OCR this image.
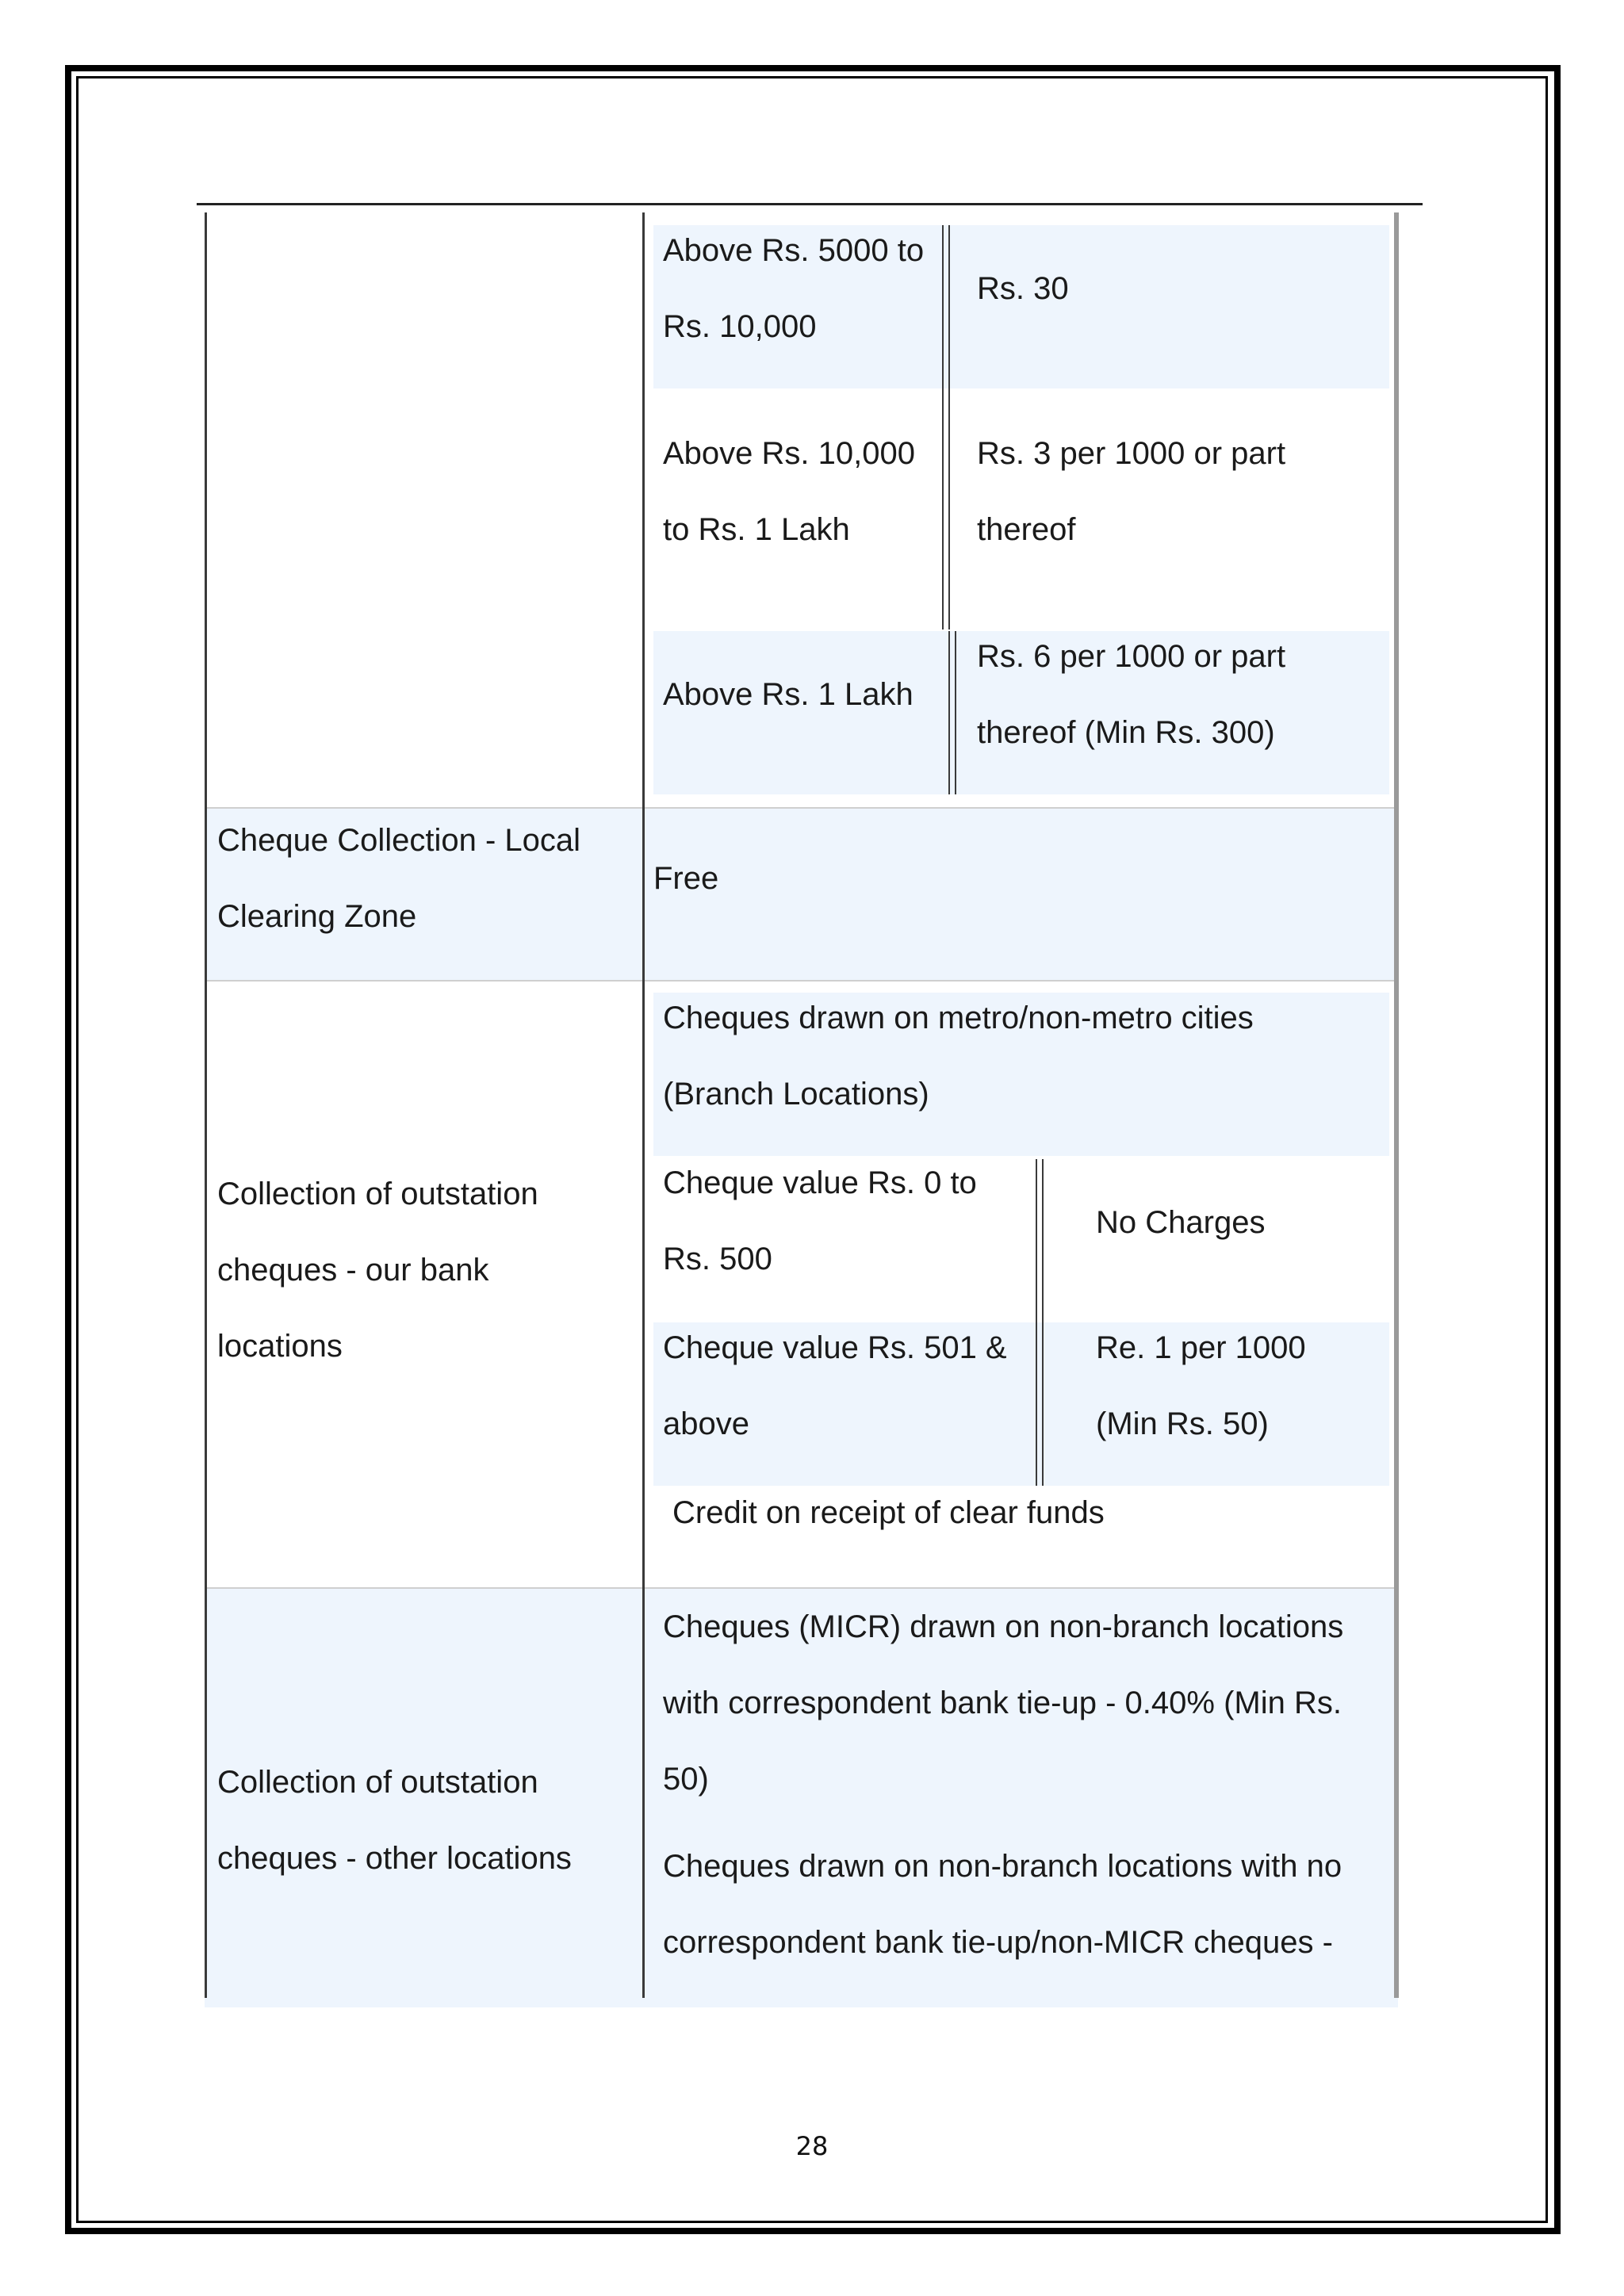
Above Rs. 5000 to
Rs. 10,000
Rs. 30
Above Rs. 10,000
to Rs. 1 Lakh
Rs. 3 per 1000 or part
thereof
Above Rs. 1 Lakh
Rs. 6 per 1000 or part
thereof (Min Rs. 300)
Cheque Collection - Local
Clearing Zone
Free
Collection of outstation
cheques - our bank
locations
Cheques drawn on metro/non-metro cities
(Branch Locations)
Cheque value Rs. 0 to
Rs. 500
No Charges
Cheque value Rs. 501 &
above
Re. 1 per 1000
(Min Rs. 50)
Credit on receipt of clear funds
Collection of outstation
cheques - other locations
Cheques (MICR) drawn on non-branch locations
with correspondent bank tie-up - 0.40% (Min Rs.
50)
Cheques drawn on non-branch locations with no
correspondent bank tie-up/non-MICR cheques -
28
